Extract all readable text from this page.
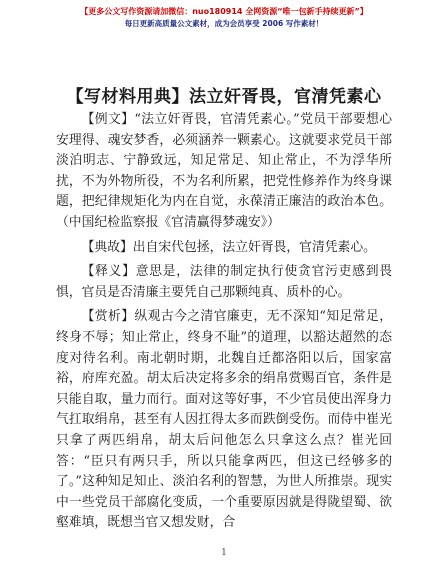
【更多公文写作资源请加微信：nuo180914 全网资源“唯一包新手持续更新”】
每日更新高质量公文素材，成为会员享受 2006 写作素材！
【写材料用典】法立奸胥畏，官清凭素心

【例文】“法立奸胥畏，官清凭素心。”党员干部要想心安理得、魂安梦香，必须涵养一颗素心。这就要求党员干部淡泊明志、宁静致远，知足常足、知止常止，不为浮华所扰，不为外物所役，不为名利所累，把党性修养作为终身课题，把纪律规矩化为内在自觉，永葆清正廉洁的政治本色。（中国纪检监察报《官清赢得梦魂安》）

【典故】出自宋代包拯，法立奸胥畏，官清凭素心。

【释义】意思是，法律的制定执行使贪官污吏感到畏惧，官员是否清廉主要凭自己那颗纯真、质朴的心。

【赏析】纵观古今之清官廉吏，无不深知“知足常足，终身不辱；知止常止，终身不耻”的道理，以豁达超然的态度对待名利。南北朝时期，北魏自迁都洛阳以后，国家富裕，府库充盈。胡太后决定将多余的绢帛赏赐百官，条件是只能自取，量力而行。面对这等好事，不少官员使出浑身力气扛取绢帛，甚至有人因扛得太多而跌倒受伤。而侍中崔光只拿了两匹绢帛，胡太后问他怎么只拿这么点？崔光回答：“臣只有两只手，所以只能拿两匹，但这已经够多的了。”这种知足知止、淡泊名利的智慧，为世人所推崇。现实中一些党员干部腐化变质，一个重要原因就是得陇望蜀、欲壑难填，既想当官又想发财，合

1
